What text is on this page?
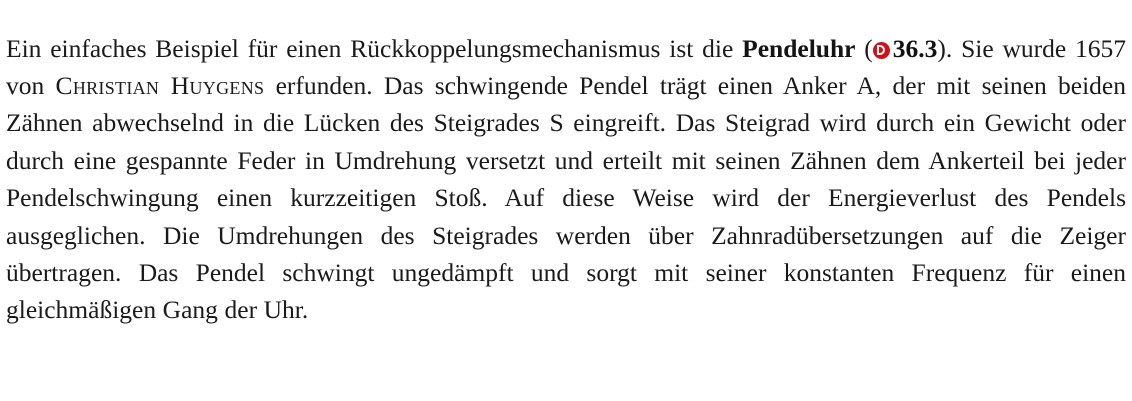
Ein einfaches Beispiel für einen Rückkoppelungsmechanismus ist die Pendeluhr ( 36.3). Sie wurde 1657 von Christian Huygens erfunden. Das schwingende Pendel trägt einen Anker A, der mit seinen beiden Zähnen abwechselnd in die Lücken des Steigrades S eingreift. Das Steigrad wird durch ein Gewicht oder durch eine gespannte Feder in Umdrehung versetzt und erteilt mit seinen Zähnen dem Ankerteil bei jeder Pendelschwingung einen kurzzeitigen Stoß. Auf diese Weise wird der Energieverlust des Pendels ausgeglichen. Die Umdrehungen des Steigrades werden über Zahnradübersetzungen auf die Zeiger übertragen. Das Pendel schwingt ungedämpft und sorgt mit seiner konstanten Frequenz für einen gleichmäßigen Gang der Uhr.
